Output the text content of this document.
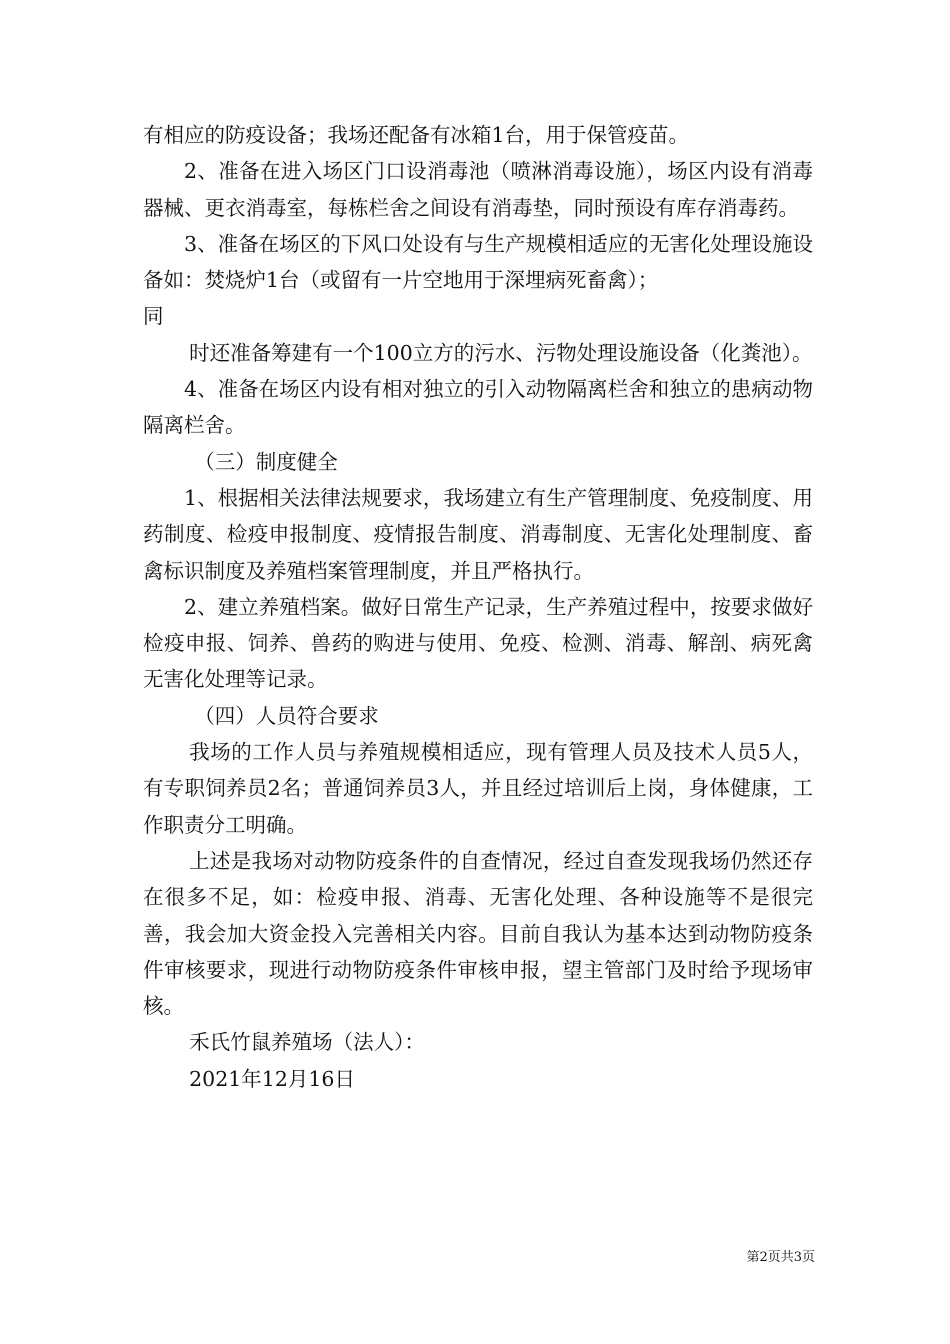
有相应的防疫设备；我场还配备有冰箱1台，用于保管疫苗。

2、准备在进入场区门口设消毒池（喷淋消毒设施），场区内设有消毒器械、更衣消毒室，每栋栏舍之间设有消毒垫，同时预设有库存消毒药。

3、准备在场区的下风口处设有与生产规模相适应的无害化处理设施设备如：焚烧炉1台（或留有一片空地用于深埋病死畜禽）；

同

时还准备筹建有一个100立方的污水、污物处理设施设备（化粪池）。

4、准备在场区内设有相对独立的引入动物隔离栏舍和独立的患病动物隔离栏舍。

（三）制度健全

1、根据相关法律法规要求，我场建立有生产管理制度、免疫制度、用药制度、检疫申报制度、疫情报告制度、消毒制度、无害化处理制度、畜禽标识制度及养殖档案管理制度，并且严格执行。

2、建立养殖档案。做好日常生产记录，生产养殖过程中，按要求做好检疫申报、饲养、兽药的购进与使用、免疫、检测、消毒、解剖、病死禽无害化处理等记录。

（四）人员符合要求

我场的工作人员与养殖规模相适应，现有管理人员及技术人员5人，有专职饲养员2名；普通饲养员3人，并且经过培训后上岗，身体健康，工作职责分工明确。

上述是我场对动物防疫条件的自查情况，经过自查发现我场仍然还存在很多不足，如：检疫申报、消毒、无害化处理、各种设施等不是很完善，我会加大资金投入完善相关内容。目前自我认为基本达到动物防疫条件审核要求，现进行动物防疫条件审核申报，望主管部门及时给予现场审核。

禾氏竹鼠养殖场（法人）：

2021年12月16日

第2页共3页
